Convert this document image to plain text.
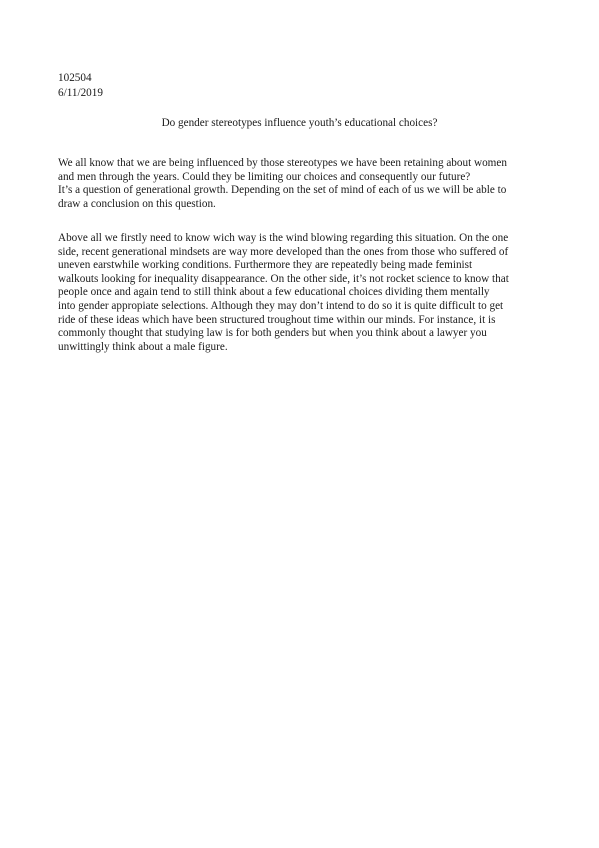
102504
6/11/2019
Do gender stereotypes influence youth’s educational choices?
We all know that we are being influenced by those stereotypes we have been retaining about women
and men through the years. Could they be limiting our choices and consequently our future?
It’s a question of generational growth. Depending on the set of mind of each of us we will be able to
draw a conclusion on this question.
Above all we firstly need to know wich way is the wind blowing regarding this situation. On the one
side, recent generational mindsets are way more developed than the ones from those who suffered of
uneven earstwhile working conditions. Furthermore they are repeatedly being made feminist
walkouts looking for inequality disappearance. On the other side, it’s not rocket science to know that
people once and again tend to still think about a few educational choices dividing them mentally
into gender appropiate selections. Although they may don’t intend to do so it is quite difficult to get
ride of these ideas which have been structured troughout time within our minds. For instance, it is
commonly thought that studying law is for both genders but when you think about a lawyer you
unwittingly think about a male figure.
